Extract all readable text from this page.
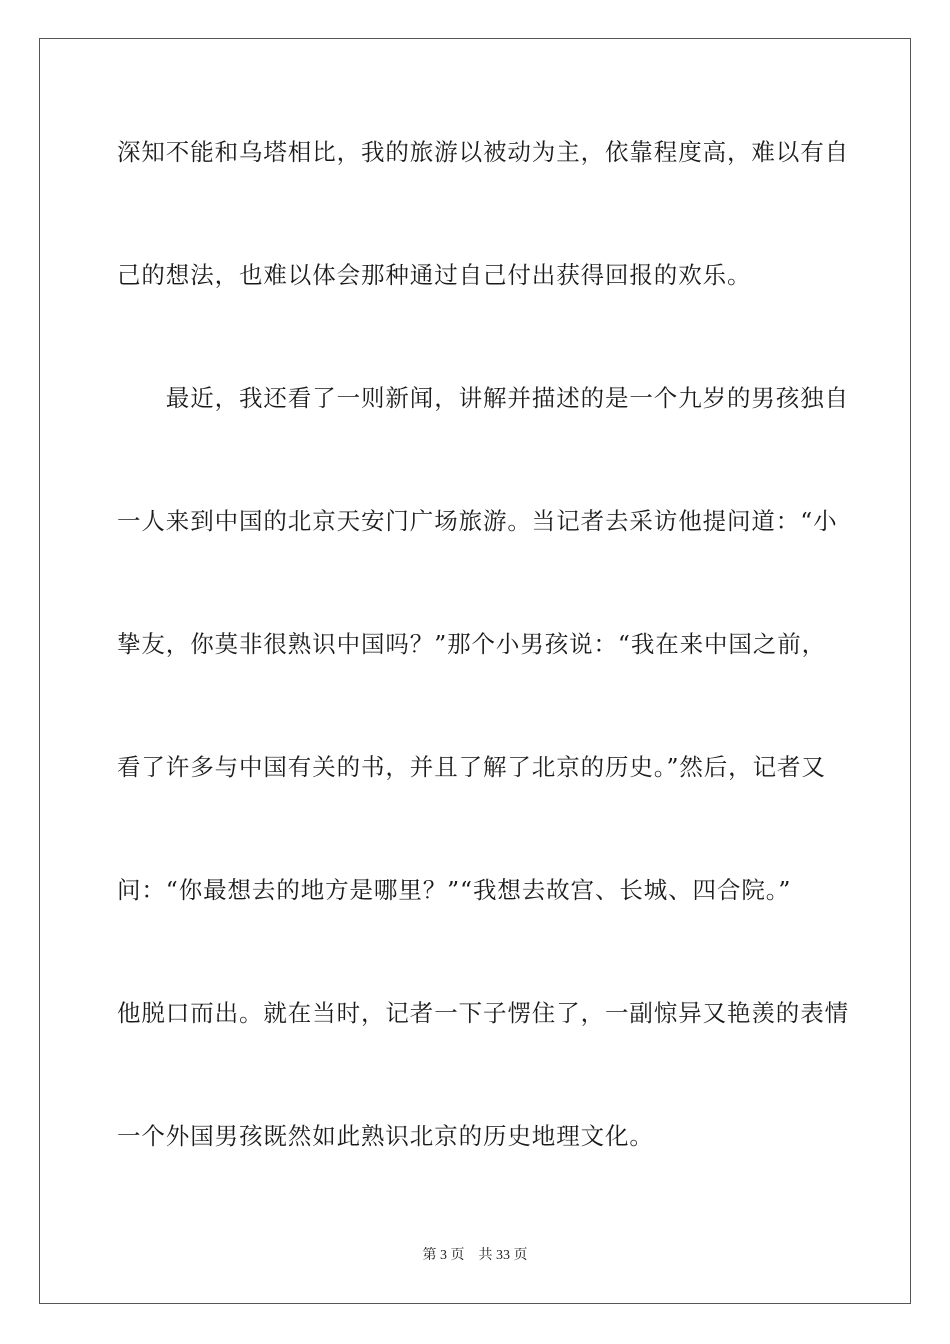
深知不能和乌塔相比，我的旅游以被动为主，依靠程度高，难以有自
己的想法，也难以体会那种通过自己付出获得回报的欢乐。
　　最近，我还看了一则新闻，讲解并描述的是一个九岁的男孩独自
一人来到中国的北京天安门广场旅游。当记者去采访他提问道：“小
挚友，你莫非很熟识中国吗？”那个小男孩说：“我在来中国之前，
看了许多与中国有关的书，并且了解了北京的历史。”然后，记者又
问：“你最想去的地方是哪里？”“我想去故宫、长城、四合院。”
他脱口而出。就在当时，记者一下子愣住了，一副惊异又艳羡的表情
一个外国男孩既然如此熟识北京的历史地理文化。
第 3 页 共 33 页
